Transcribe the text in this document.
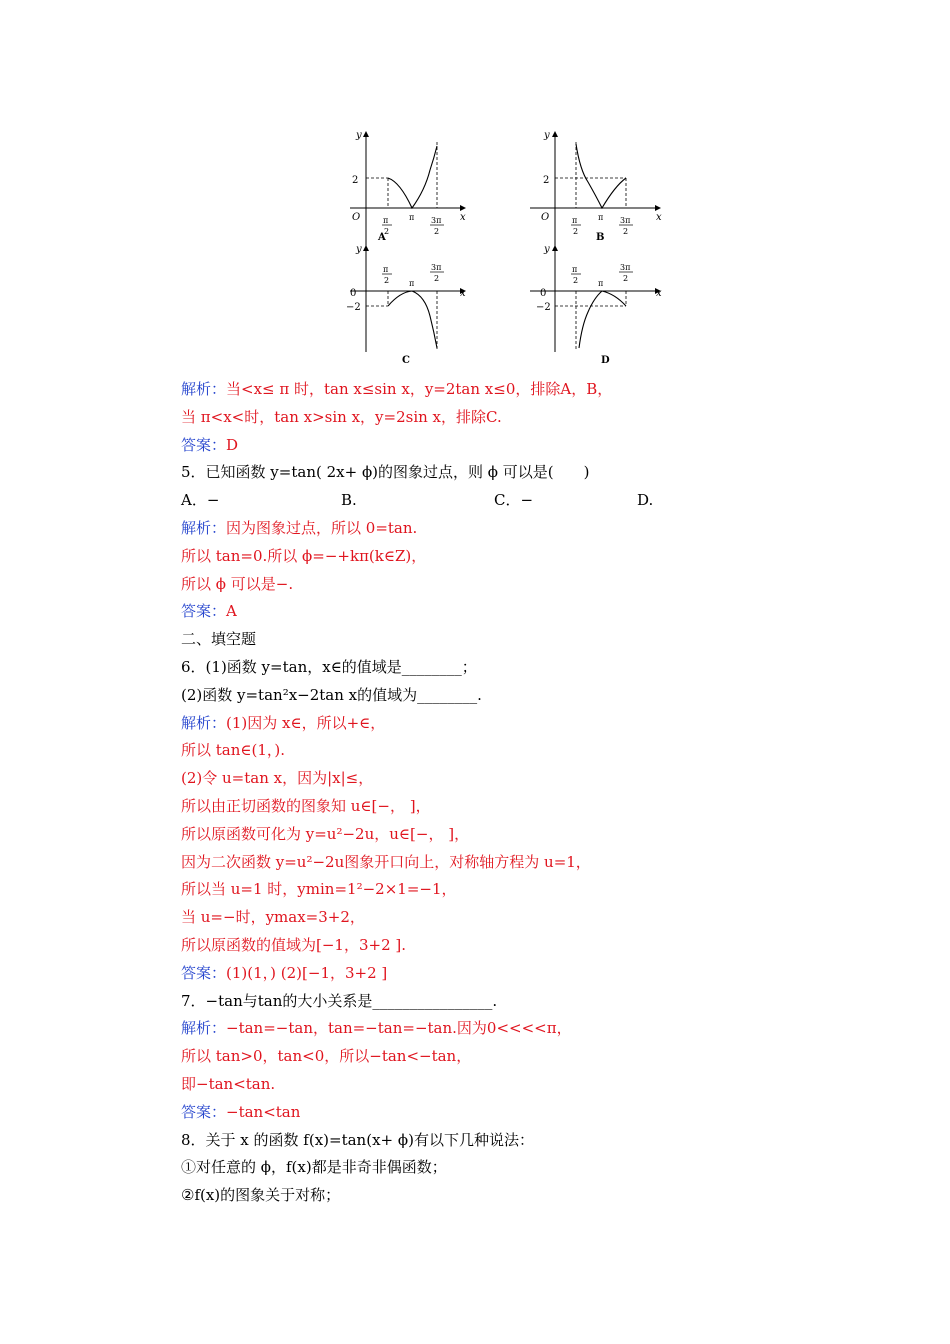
y
x
O
2
π
2
π 3π
2
A
y
x
O
2
π
2
π 3π
2
B
y
x
0
−2
π
2 π
3π
2
C
y
x
0
−2
π
2 π
3π
2
D
解析：当<x≤ π 时，tan x≤sin x，y=2tan x≤0，排除A，B，
当 π<x<时，tan x>sin x，y=2sin x，排除C.
答案：D
5．已知函数 y=tan( 2x+ ϕ)的图象过点，则 ϕ 可以是(　　)
A．−	B.	C．−	D.
解析：因为图象过点，所以 0=tan.
所以 tan=0.所以 ϕ=−+kπ(k∈Z)，
所以 ϕ 可以是−.
答案：A
二、填空题
6．(1)函数 y=tan，x∈的值域是________；
(2)函数 y=tan²x−2tan x的值域为________.
解析：(1)因为 x∈，所以+∈，
所以 tan∈(1，).
(2)令 u=tan x，因为|x|≤，
所以由正切函数的图象知 u∈[−， ]，
所以原函数可化为 y=u²−2u，u∈[−， ]，
因为二次函数 y=u²−2u图象开口向上，对称轴方程为 u=1，
所以当 u=1 时，ymin=1²−2×1=−1，
当 u=−时，ymax=3+2，
所以原函数的值域为[−1，3+2 ].
答案：(1)(1，) (2)[−1，3+2 ]
7．−tan与tan的大小关系是________________.
解析：−tan=−tan，tan=−tan=−tan.因为0<<<<π，
所以 tan>0，tan<0，所以−tan<−tan，
即−tan<tan.
答案：−tan<tan
8．关于 x 的函数 f(x)=tan(x+ ϕ)有以下几种说法：
①对任意的 ϕ，f(x)都是非奇非偶函数；
②f(x)的图象关于对称；
